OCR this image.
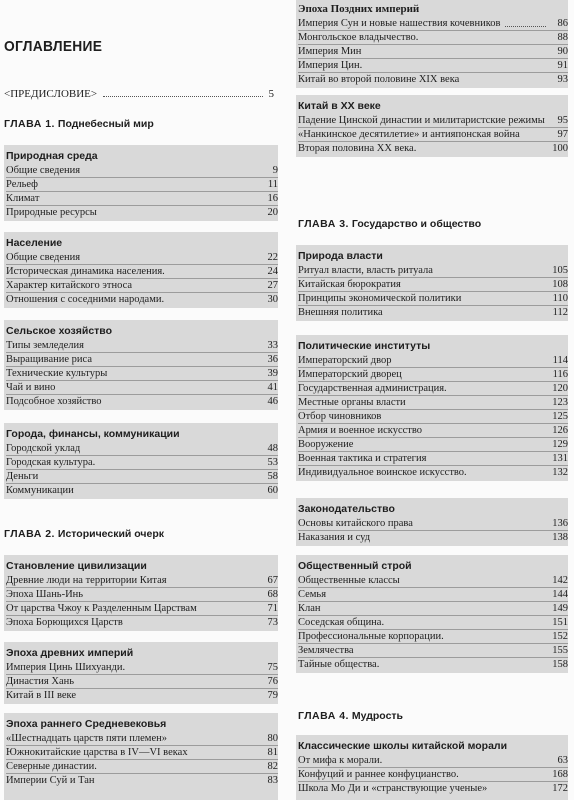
ОГЛАВЛЕНИЕ
<ПРЕДИСЛОВИЕ>	5
ГЛАВА 1. Поднебесный мир
Природная среда
Общие сведения	9
Рельеф	11
Климат	16
Природные ресурсы	20
Население
Общие сведения	22
Историческая динамика населения.	24
Характер китайского этноса	27
Отношения с соседними народами.	30
Сельское хозяйство
Типы земледелия	33
Выращивание риса	36
Технические культуры	39
Чай и вино	41
Подсобное хозяйство	46
Города, финансы, коммуникации
Городской уклад	48
Городская культура.	53
Деньги	58
Коммуникации	60
ГЛАВА 2. Исторический очерк
Становление цивилизации
Древние люди на территории Китая	67
Эпоха Шань-Инь	68
От царства Чжоу к Разделенным Царствам	71
Эпоха Борющихся Царств	73
Эпоха древних империй
Империя Цинь Шихуанди.	75
Династия Хань	76
Китай в III веке	79
Эпоха раннего Средневековья
«Шестнадцать царств пяти племен»	80
Южнокитайские царства в IV—VI веках	81
Северные династии.	82
Империи Суй и Тан	83
Эпоха Поздних империй
Империя Сун и новые нашествия кочевников	86
Монгольское владычество.	88
Империя Мин	90
Империя Цин.	91
Китай во второй половине XIX века	93
Китай в XX веке
Падение Цинской династии и милитаристские режимы	95
«Нанкинское десятилетие» и антияпонская война	97
Вторая половина XX века.	100
ГЛАВА 3. Государство и общество
Природа власти
Ритуал власти, власть ритуала	105
Китайская бюрократия	108
Принципы экономической политики	110
Внешняя политика	112
Политические институты
Императорский двор	114
Императорский дворец	116
Государственная администрация.	120
Местные органы власти	123
Отбор чиновников	125
Армия и военное искусство	126
Вооружение	129
Военная тактика и стратегия	131
Индивидуальное воинское искусство.	132
Законодательство
Основы китайского права	136
Наказания и суд	138
Общественный строй
Общественные классы	142
Семья	144
Клан	149
Соседская община.	151
Профессиональные корпорации.	152
Землячества	155
Тайные общества.	158
ГЛАВА 4. Мудрость
Классические школы китайской морали
От мифа к морали.	63
Конфуций и раннее конфуцианство.	168
Школа Мо Ди и «странствующие ученые»	172
